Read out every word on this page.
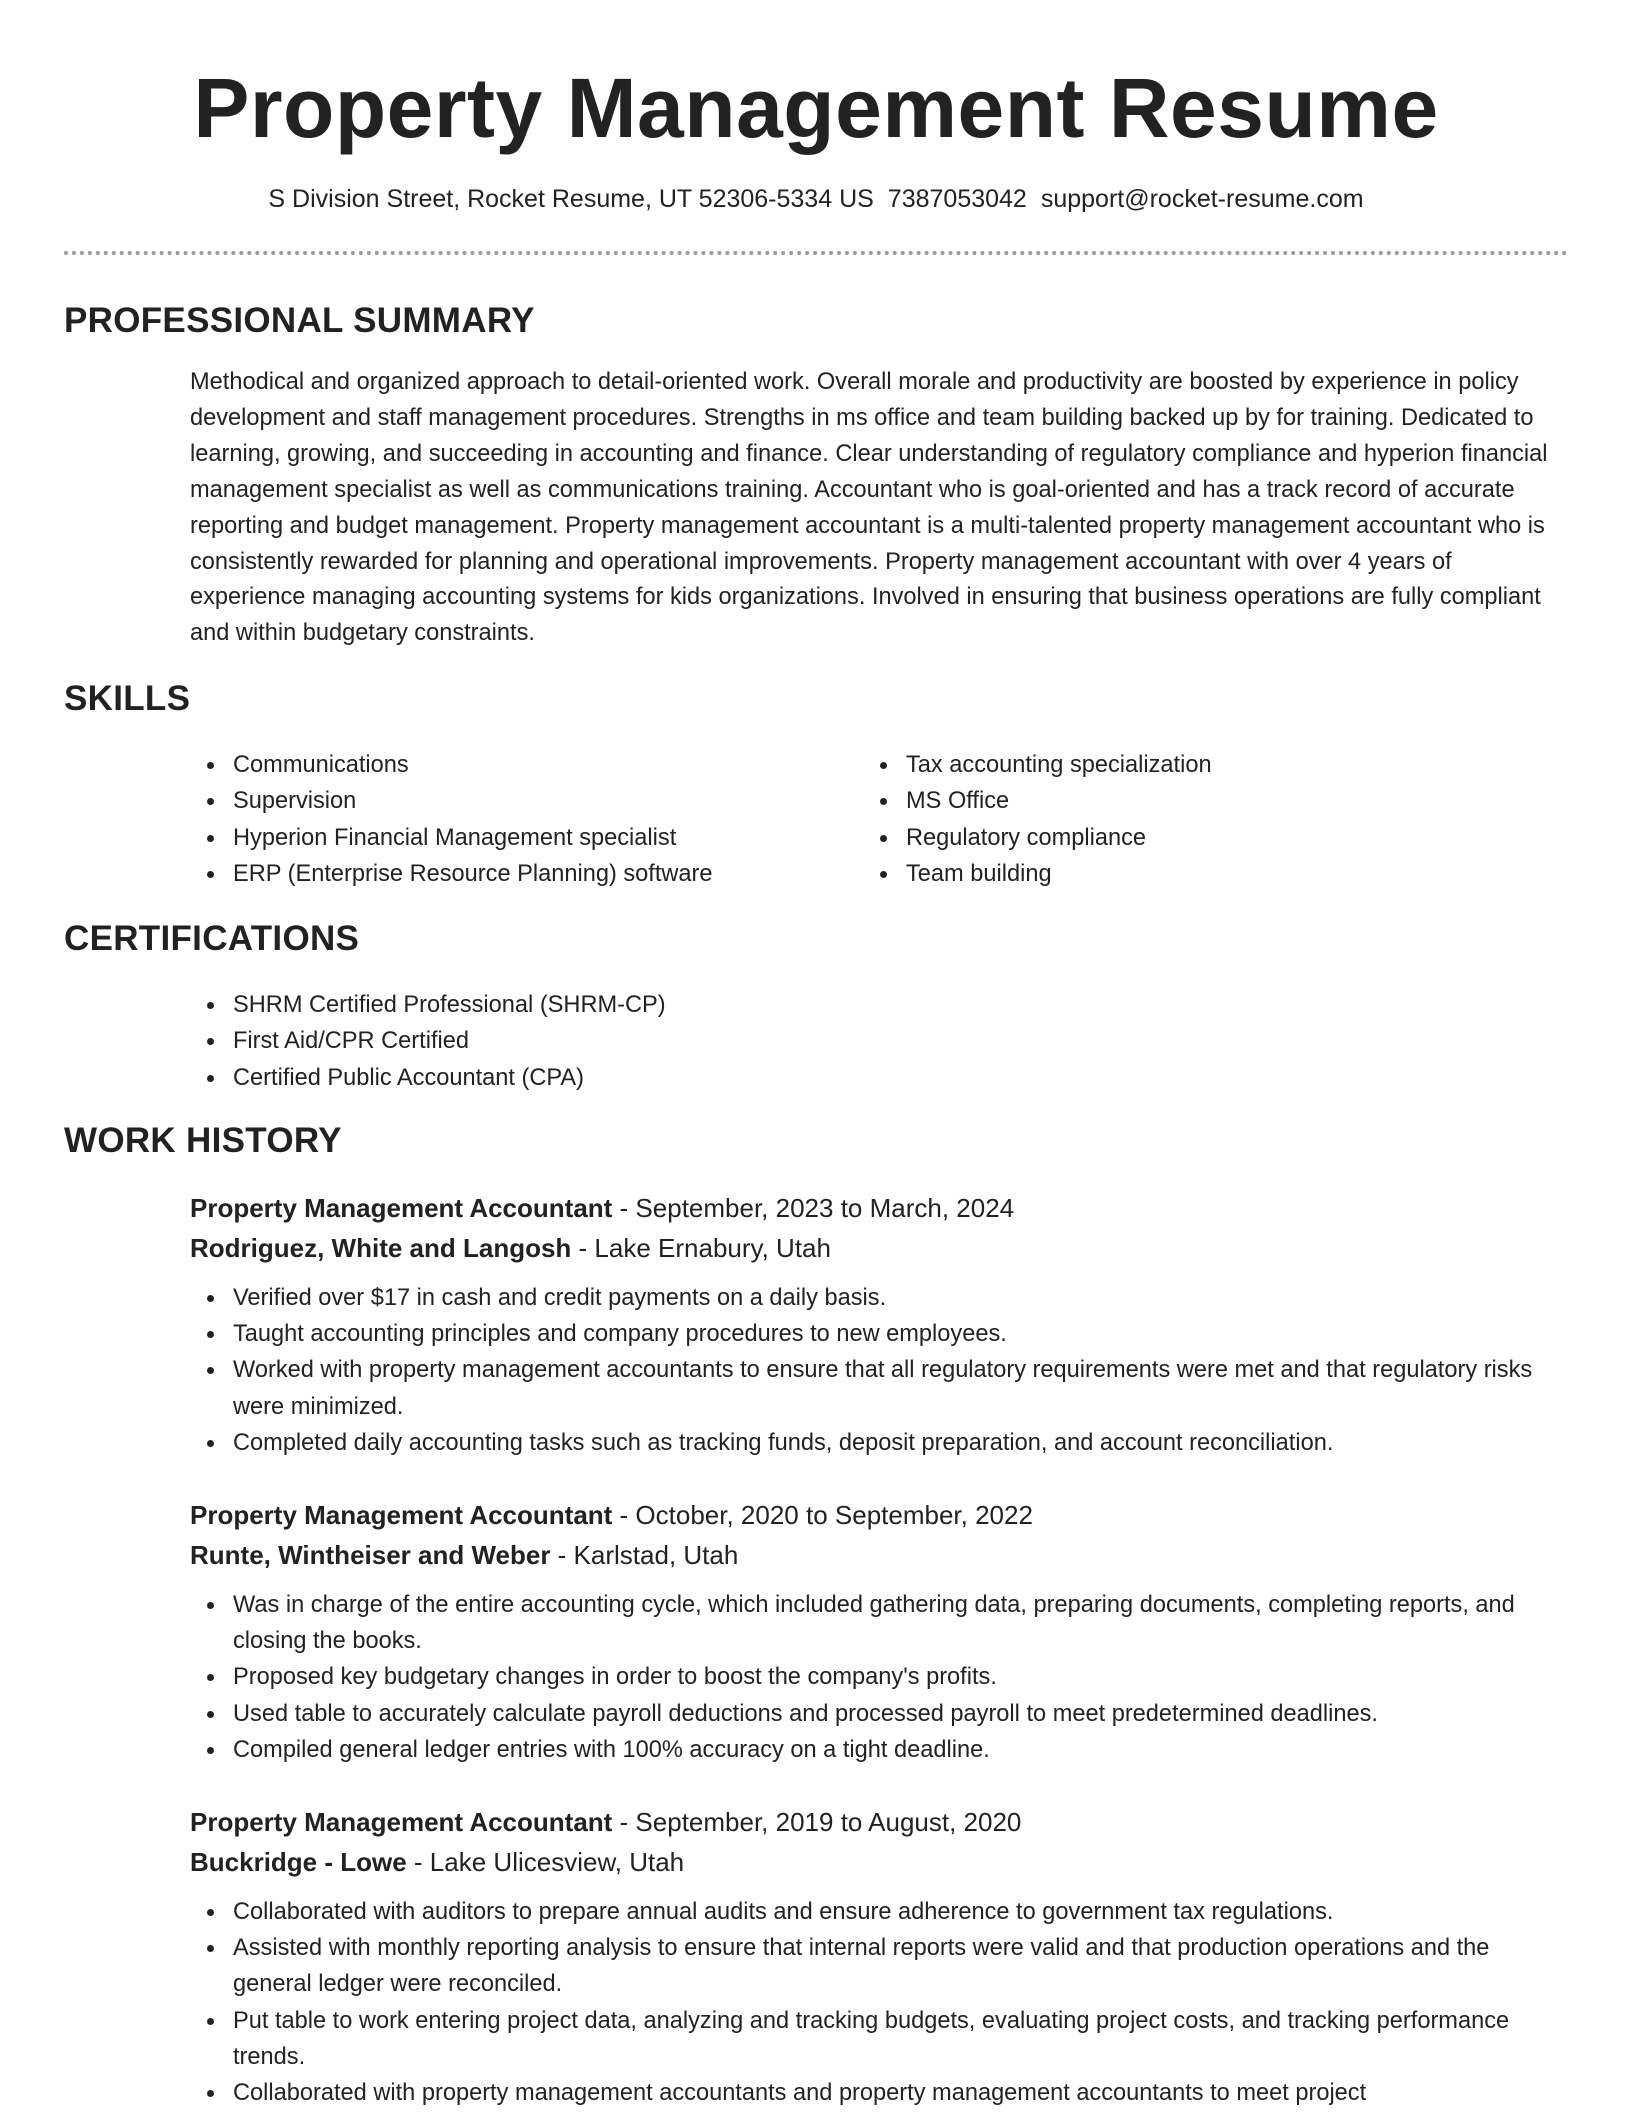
Property Management Resume
S Division Street, Rocket Resume, UT 52306-5334 US 7387053042 support@rocket-resume.com
PROFESSIONAL SUMMARY
Methodical and organized approach to detail-oriented work. Overall morale and productivity are boosted by experience in policy development and staff management procedures. Strengths in ms office and team building backed up by for training. Dedicated to learning, growing, and succeeding in accounting and finance. Clear understanding of regulatory compliance and hyperion financial management specialist as well as communications training. Accountant who is goal-oriented and has a track record of accurate reporting and budget management. Property management accountant is a multi-talented property management accountant who is consistently rewarded for planning and operational improvements. Property management accountant with over 4 years of experience managing accounting systems for kids organizations. Involved in ensuring that business operations are fully compliant and within budgetary constraints.
SKILLS
Communications
Supervision
Hyperion Financial Management specialist
ERP (Enterprise Resource Planning) software
Tax accounting specialization
MS Office
Regulatory compliance
Team building
CERTIFICATIONS
SHRM Certified Professional (SHRM-CP)
First Aid/CPR Certified
Certified Public Accountant (CPA)
WORK HISTORY
Property Management Accountant - September, 2023 to March, 2024
Rodriguez, White and Langosh - Lake Ernabury, Utah
Verified over $17 in cash and credit payments on a daily basis.
Taught accounting principles and company procedures to new employees.
Worked with property management accountants to ensure that all regulatory requirements were met and that regulatory risks were minimized.
Completed daily accounting tasks such as tracking funds, deposit preparation, and account reconciliation.
Property Management Accountant - October, 2020 to September, 2022
Runte, Wintheiser and Weber - Karlstad, Utah
Was in charge of the entire accounting cycle, which included gathering data, preparing documents, completing reports, and closing the books.
Proposed key budgetary changes in order to boost the company's profits.
Used table to accurately calculate payroll deductions and processed payroll to meet predetermined deadlines.
Compiled general ledger entries with 100% accuracy on a tight deadline.
Property Management Accountant - September, 2019 to August, 2020
Buckridge - Lowe - Lake Ulicesview, Utah
Collaborated with auditors to prepare annual audits and ensure adherence to government tax regulations.
Assisted with monthly reporting analysis to ensure that internal reports were valid and that production operations and the general ledger were reconciled.
Put table to work entering project data, analyzing and tracking budgets, evaluating project costs, and tracking performance trends.
Collaborated with property management accountants and property management accountants to meet project
